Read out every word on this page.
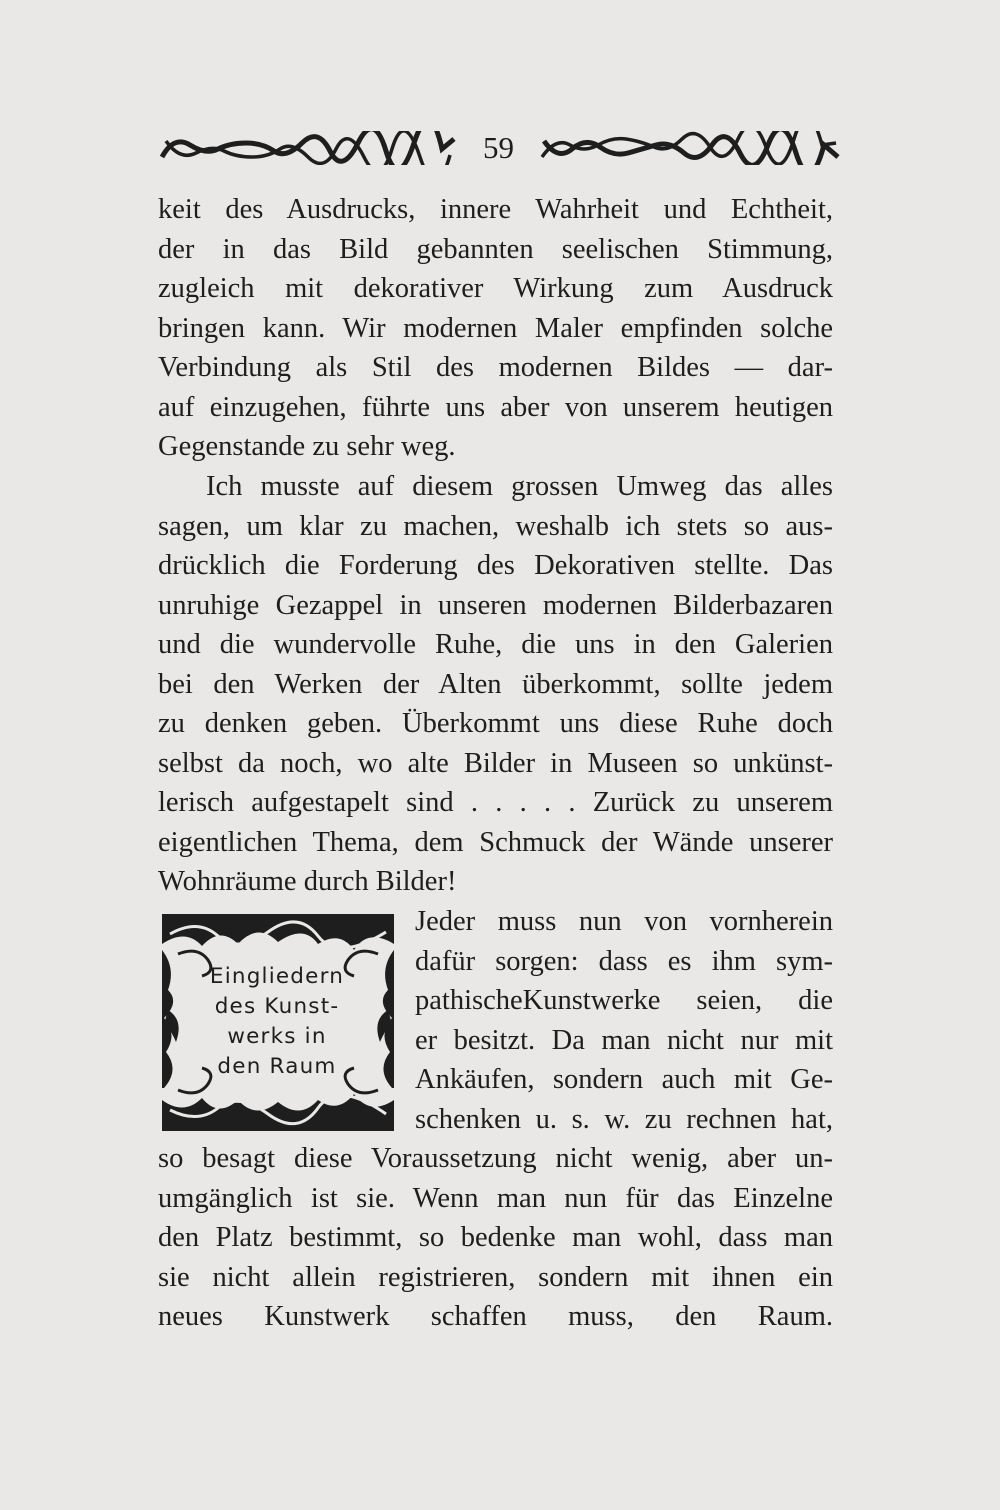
59
keit des Ausdrucks, innere Wahrheit und Echtheit,
der in das Bild gebannten seelischen Stimmung,
zugleich mit dekorativer Wirkung zum Ausdruck
bringen kann. Wir modernen Maler empfinden solche
Verbindung als Stil des modernen Bildes — dar-
auf einzugehen, führte uns aber von unserem heutigen
Gegenstande zu sehr weg.
Ich musste auf diesem grossen Umweg das alles
sagen, um klar zu machen, weshalb ich stets so aus-
drücklich die Forderung des Dekorativen stellte. Das
unruhige Gezappel in unseren modernen Bilderbazaren
und die wundervolle Ruhe, die uns in den Galerien
bei den Werken der Alten überkommt, sollte jedem
zu denken geben. Überkommt uns diese Ruhe doch
selbst da noch, wo alte Bilder in Museen so unkünst-
lerisch aufgestapelt sind . . . . . Zurück zu unserem
eigentlichen Thema, dem Schmuck der Wände unserer
Wohnräume durch Bilder!
Eingliedern
des Kunst-
werks in
den Raum
Jeder muss nun von vornherein
dafür sorgen: dass es ihm sym-
pathischeKunstwerke seien, die
er besitzt. Da man nicht nur mit
Ankäufen, sondern auch mit Ge-
schenken u. s. w. zu rechnen hat,
so besagt diese Voraussetzung nicht wenig, aber un-
umgänglich ist sie. Wenn man nun für das Einzelne
den Platz bestimmt, so bedenke man wohl, dass man
sie nicht allein registrieren, sondern mit ihnen ein
neues Kunstwerk schaffen muss, den Raum.
